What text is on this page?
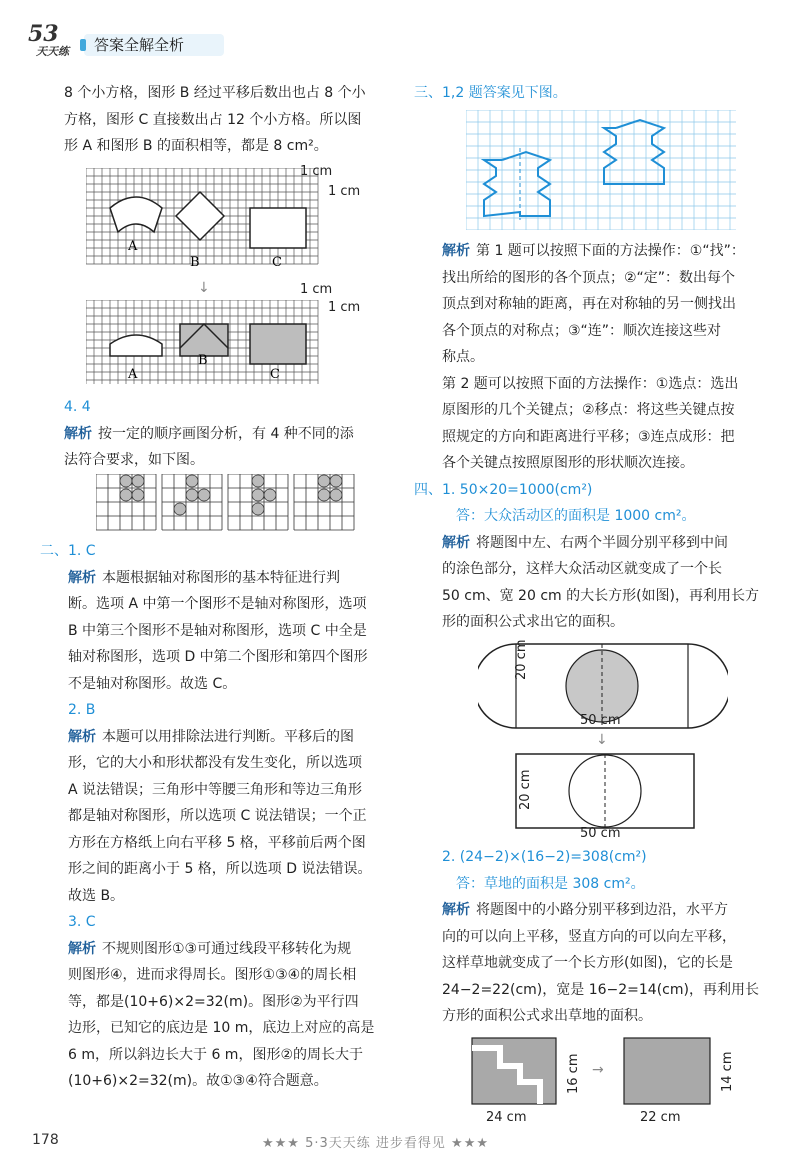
53
天天练	答案全解全析

8 个小方格，图形 B 经过平移后数出也占 8 个小

方格，图形 C 直接数出占 12 个小方格。所以图

形 A 和图形 B 的面积相等，都是 8 cm²。

A
B	C
1 cm
1 cm
↓
A
B
C
1 cm
1 cm

4. 4

解析 按一定的顺序画图分析，有 4 种不同的添

法符合要求，如下图。

二、1. C

解析 本题根据轴对称图形的基本特征进行判

断。选项 A 中第一个图形不是轴对称图形，选项

B 中第三个图形不是轴对称图形，选项 C 中全是

轴对称图形，选项 D 中第二个图形和第四个图形

不是轴对称图形。故选 C。

2. B

解析 本题可以用排除法进行判断。平移后的图

形，它的大小和形状都没有发生变化，所以选项

A 说法错误；三角形中等腰三角形和等边三角形

都是轴对称图形，所以选项 C 说法错误；一个正

方形在方格纸上向右平移 5 格，平移前后两个图

形之间的距离小于 5 格，所以选项 D 说法错误。

故选 B。

3. C

解析 不规则图形①③可通过线段平移转化为规

则图形④，进而求得周长。图形①③④的周长相

等，都是(10+6)×2=32(m)。图形②为平行四

边形，已知它的底边是 10 m，底边上对应的高是

6 m，所以斜边长大于 6 m，图形②的周长大于

(10+6)×2=32(m)。故①③④符合题意。

三、1,2 题答案见下图。

解析 第 1 题可以按照下面的方法操作：①“找”：

找出所给的图形的各个顶点；②“定”：数出每个

顶点到对称轴的距离，再在对称轴的另一侧找出

各个顶点的对称点；③“连”：顺次连接这些对

称点。

第 2 题可以按照下面的方法操作：①选点：选出

原图形的几个关键点；②移点：将这些关键点按

照规定的方向和距离进行平移；③连点成形：把

各个关键点按照原图形的形状顺次连接。

四、1. 50×20=1000(cm²)

答：大众活动区的面积是 1000 cm²。

解析 将题图中左、右两个半圆分别平移到中间

的涂色部分，这样大众活动区就变成了一个长

50 cm、宽 20 cm 的大长方形(如图)，再利用长方

形的面积公式求出它的面积。

20 cm
50 cm
↓
20 cm
50 cm

2. (24−2)×(16−2)=308(cm²)

答：草地的面积是 308 cm²。

解析 将题图中的小路分别平移到边沿，水平方

向的可以向上平移，竖直方向的可以向左平移，

这样草地就变成了一个长方形(如图)，它的长是

24−2=22(cm)，宽是 16−2=14(cm)，再利用长

方形的面积公式求出草地的面积。

16 cm
24 cm
→	14 cm
22 cm
178	★★★ 5·3天天练 进步看得见 ★★★
